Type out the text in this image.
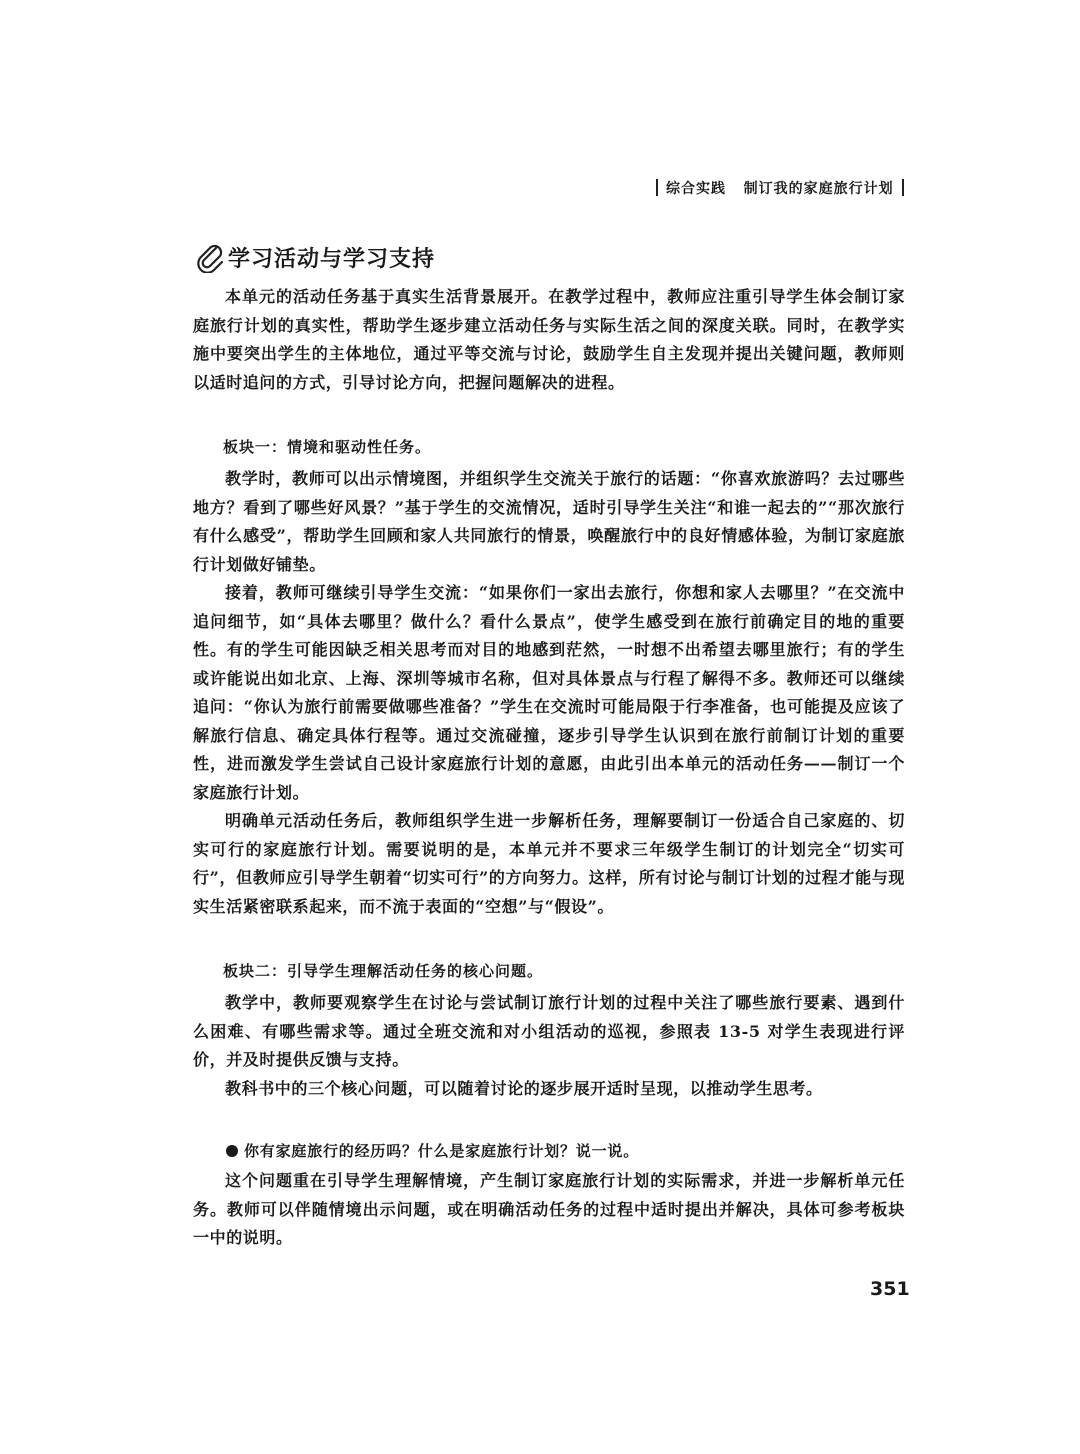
综合实践 制订我的家庭旅行计划
学习活动与学习支持

本单元的活动任务基于真实生活背景展开。在教学过程中，教师应注重引导学生体会制订家庭旅行计划的真实性，帮助学生逐步建立活动任务与实际生活之间的深度关联。同时，在教学实施中要突出学生的主体地位，通过平等交流与讨论，鼓励学生自主发现并提出关键问题，教师则以适时追问的方式，引导讨论方向，把握问题解决的进程。

板块一：情境和驱动性任务。

教学时，教师可以出示情境图，并组织学生交流关于旅行的话题：“你喜欢旅游吗？去过哪些地方？看到了哪些好风景？”基于学生的交流情况，适时引导学生关注“和谁一起去的”“那次旅行有什么感受”，帮助学生回顾和家人共同旅行的情景，唤醒旅行中的良好情感体验，为制订家庭旅行计划做好铺垫。

接着，教师可继续引导学生交流：“如果你们一家出去旅行，你想和家人去哪里？”在交流中追问细节，如“具体去哪里？做什么？看什么景点”，使学生感受到在旅行前确定目的地的重要性。有的学生可能因缺乏相关思考而对目的地感到茫然，一时想不出希望去哪里旅行；有的学生或许能说出如北京、上海、深圳等城市名称，但对具体景点与行程了解得不多。教师还可以继续追问：“你认为旅行前需要做哪些准备？”学生在交流时可能局限于行李准备，也可能提及应该了解旅行信息、确定具体行程等。通过交流碰撞，逐步引导学生认识到在旅行前制订计划的重要性，进而激发学生尝试自己设计家庭旅行计划的意愿，由此引出本单元的活动任务——制订一个家庭旅行计划。

明确单元活动任务后，教师组织学生进一步解析任务，理解要制订一份适合自己家庭的、切实可行的家庭旅行计划。需要说明的是，本单元并不要求三年级学生制订的计划完全“切实可行”，但教师应引导学生朝着“切实可行”的方向努力。这样，所有讨论与制订计划的过程才能与现实生活紧密联系起来，而不流于表面的“空想”与“假设”。

板块二：引导学生理解活动任务的核心问题。

教学中，教师要观察学生在讨论与尝试制订旅行计划的过程中关注了哪些旅行要素、遇到什么困难、有哪些需求等。通过全班交流和对小组活动的巡视，参照表 13-5 对学生表现进行评价，并及时提供反馈与支持。

教科书中的三个核心问题，可以随着讨论的逐步展开适时呈现，以推动学生思考。

你有家庭旅行的经历吗？什么是家庭旅行计划？说一说。

这个问题重在引导学生理解情境，产生制订家庭旅行计划的实际需求，并进一步解析单元任务。教师可以伴随情境出示问题，或在明确活动任务的过程中适时提出并解决，具体可参考板块一中的说明。

351
